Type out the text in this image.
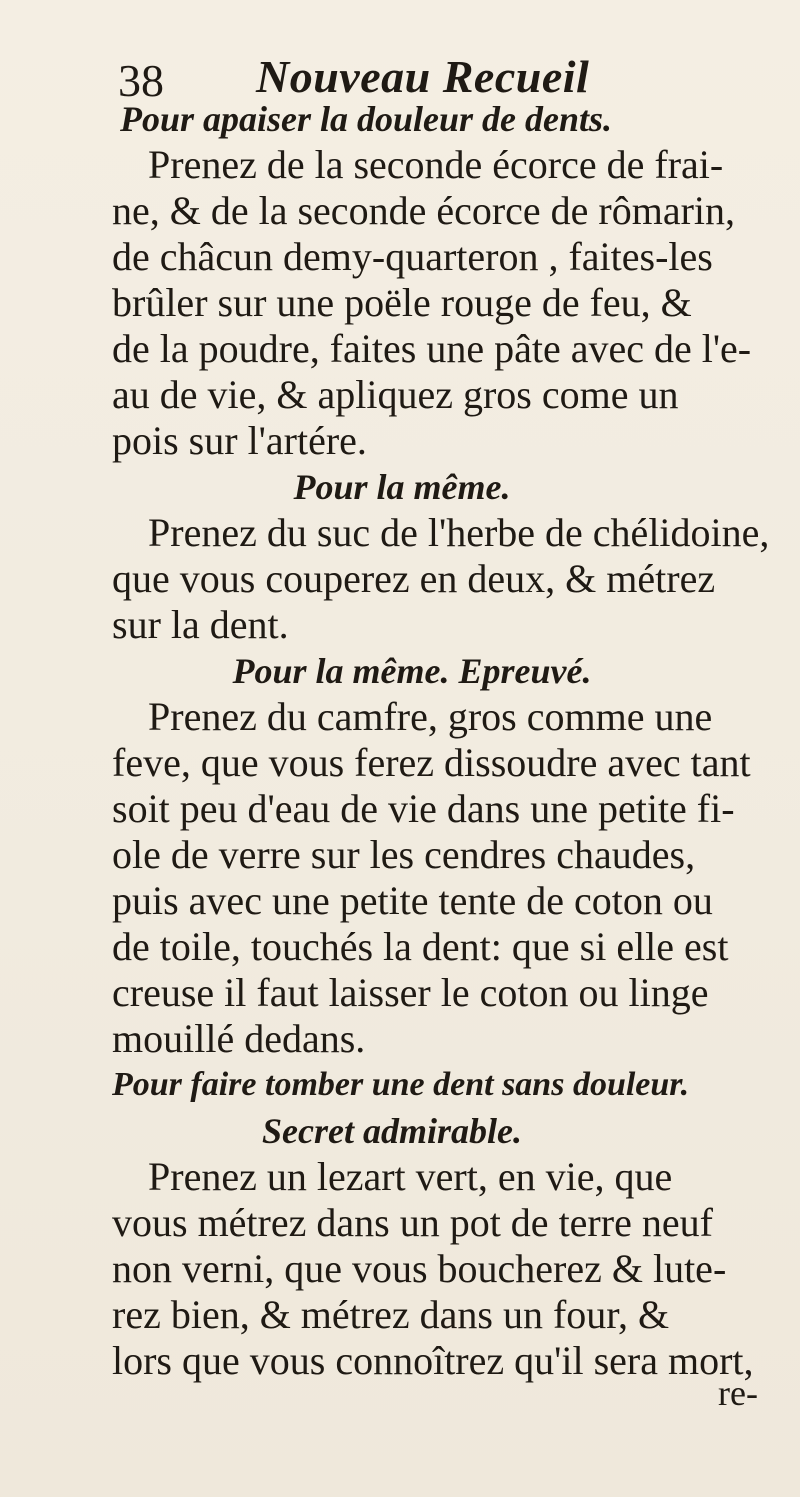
38 Nouveau Recueil
Pour apaiser la douleur de dents.
Prenez de la seconde écorce de frai-
ne, & de la seconde écorce de rômarin,
de châcun demy-quarteron , faites-les
brûler sur une poële rouge de feu, &
de la poudre, faites une pâte avec de l'e-
au de vie, & apliquez gros come un
pois sur l'artére.
Pour la même.
Prenez du suc de l'herbe de chélidoine,
que vous couperez en deux, & métrez
sur la dent.
Pour la même. Epreuvé.
Prenez du camfre, gros comme une
feve, que vous ferez dissoudre avec tant
soit peu d'eau de vie dans une petite fi-
ole de verre sur les cendres chaudes,
puis avec une petite tente de coton ou
de toile, touchés la dent: que si elle est
creuse il faut laisser le coton ou linge
mouillé dedans.
Pour faire tomber une dent sans douleur.
Secret admirable.
Prenez un lezart vert, en vie, que
vous métrez dans un pot de terre neuf
non verni, que vous boucherez & lute-
rez bien, & métrez dans un four, &
lors que vous connoîtrez qu'il sera mort,
re-
